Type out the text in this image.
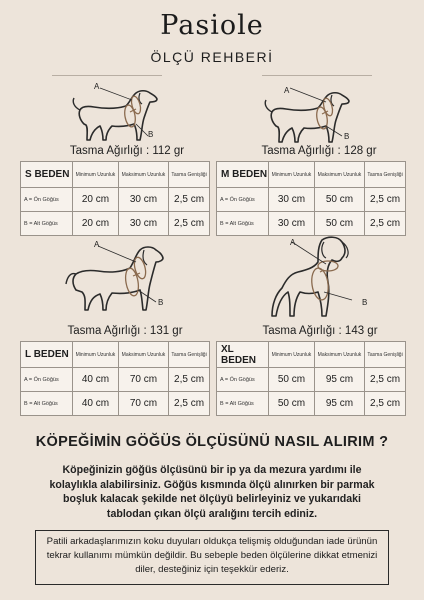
Pasiole
ÖLÇÜ REHBERİ
A
B
A
B
A
B
A
B
Tasma Ağırlığı : 112 gr	Tasma Ağırlığı : 128 gr
Tasma Ağırlığı : 131 gr	Tasma Ağırlığı : 143 gr
S BEDEN	Minimum Uzunluk	Maksimum Uzunluk	Tasma Genişliği
A = Ön Göğüs	20 cm	30 cm	2,5 cm
B = Alt Göğüs	20 cm	30 cm	2,5 cm
M BEDEN	Minimum Uzunluk	Maksimum Uzunluk	Tasma Genişliği
A = Ön Göğüs	30 cm	50 cm	2,5 cm
B = Alt Göğüs	30 cm	50 cm	2,5 cm
L BEDEN	Minimum Uzunluk	Maksimum Uzunluk	Tasma Genişliği
A = Ön Göğüs	40 cm	70 cm	2,5 cm
B = Alt Göğüs	40 cm	70 cm	2,5 cm
XL BEDEN	Minimum Uzunluk	Maksimum Uzunluk	Tasma Genişliği
A = Ön Göğüs	50 cm	95 cm	2,5 cm
B = Alt Göğüs	50 cm	95 cm	2,5 cm
KÖPEĞİMİN GÖĞÜS ÖLÇÜSÜNÜ NASIL ALIRIM ?
Köpeğinizin göğüs ölçüsünü bir ip ya da mezura yardımı ile kolaylıkla alabilirsiniz. Göğüs kısmında ölçü alınırken bir parmak boşluk kalacak şekilde net ölçüyü belirleyiniz ve yukarıdaki tablodan çıkan ölçü aralığını tercih ediniz.
Patili arkadaşlarımızın koku duyuları oldukça telişmiş olduğundan iade ürünün tekrar kullanımı mümkün değildir. Bu sebeple beden ölçülerine dikkat etmenizi diler, desteğiniz için teşekkür ederiz.
